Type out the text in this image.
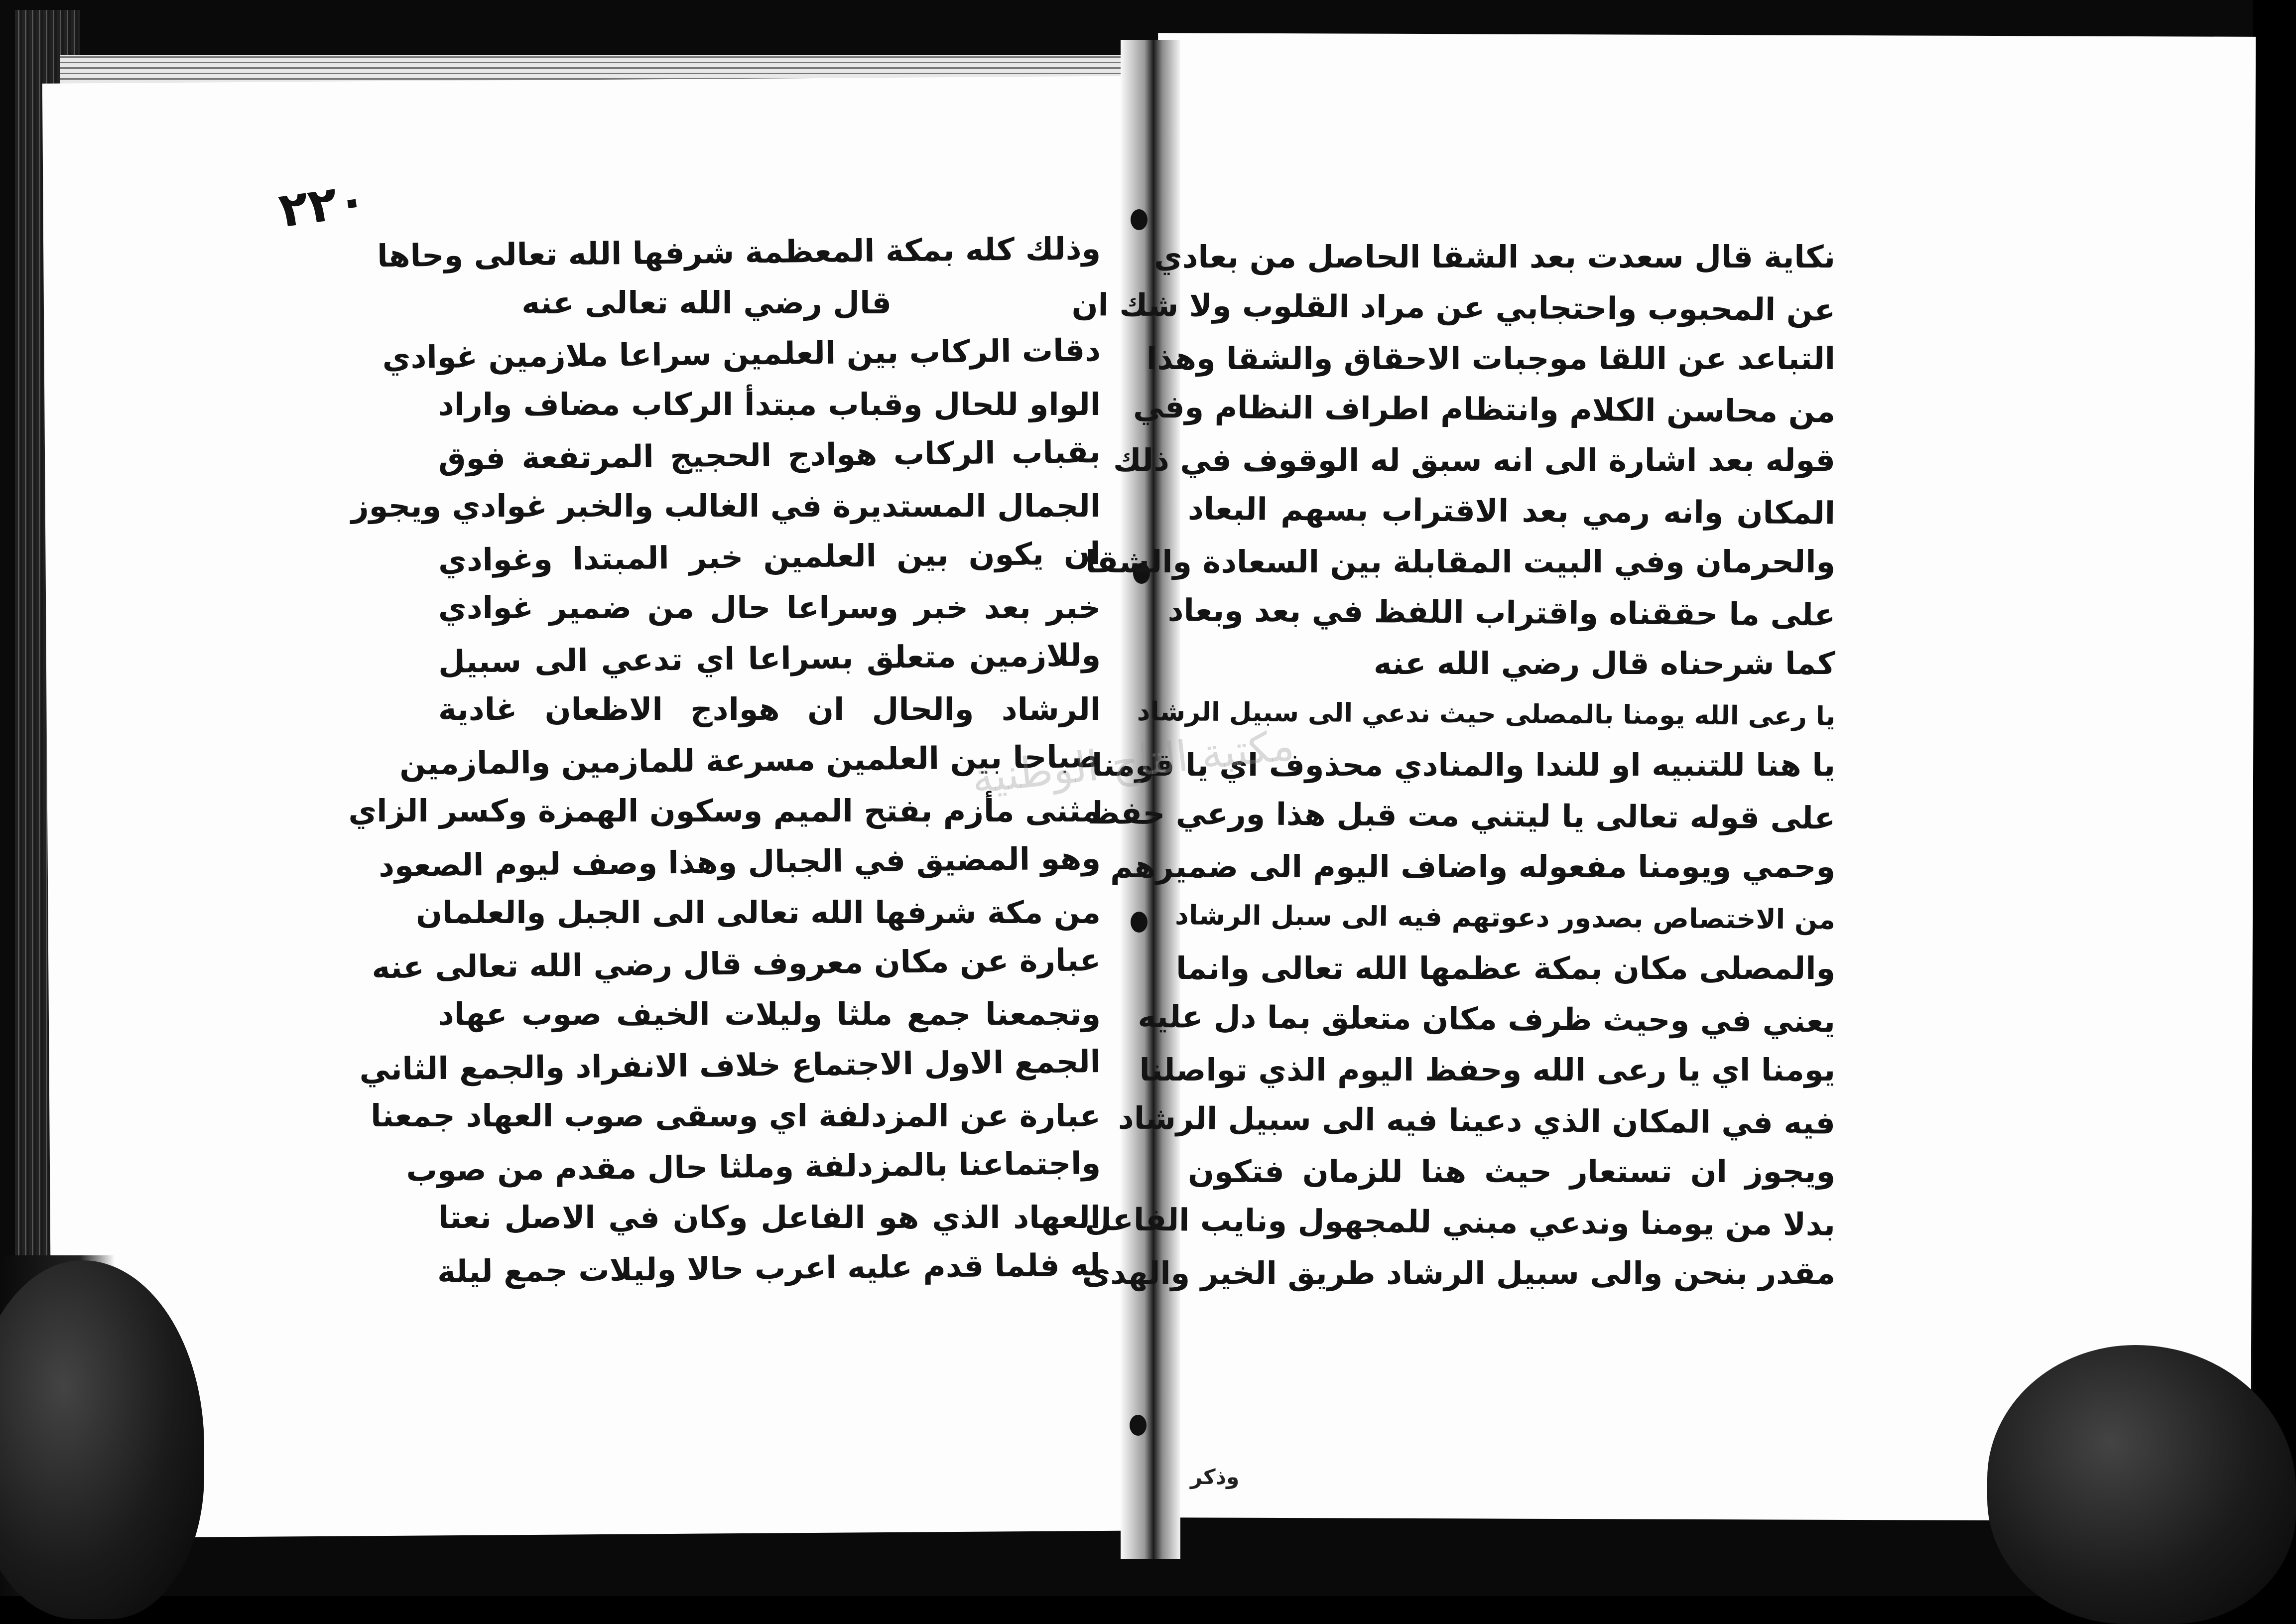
٢٢٠
وذلك كله بمكة المعظمة شرفها الله تعالى وحاها
قال رضي الله تعالى عنه
دقات الركاب بين العلمين سراعا ملازمين غوادي
الواو للحال وقباب مبتدأ الركاب مضاف واراد
بقباب الركاب هوادج الحجيج المرتفعة فوق
الجمال المستديرة في الغالب والخبر غوادي ويجوز
ان يكون بين العلمين خبر المبتدا وغوادي
خبر بعد خبر وسراعا حال من ضمير غوادي
وللازمين متعلق بسراعا اي تدعي الى سبيل
الرشاد والحال ان هوادج الاظعان غادية
صباحا بين العلمين مسرعة للمازمين والمازمين
مثنى مأزم بفتح الميم وسكون الهمزة وكسر الزاي
وهو المضيق في الجبال وهذا وصف ليوم الصعود
من مكة شرفها الله تعالى الى الجبل والعلمان
عبارة عن مكان معروف قال رضي الله تعالى عنه
وتجمعنا جمع ملثا وليلات الخيف صوب عهاد
الجمع الاول الاجتماع خلاف الانفراد والجمع الثاني
عبارة عن المزدلفة اي وسقى صوب العهاد جمعنا
واجتماعنا بالمزدلفة وملثا حال مقدم من صوب
العهاد الذي هو الفاعل وكان في الاصل نعتا
له فلما قدم عليه اعرب حالا وليلات جمع ليلة
نكاية قال سعدت بعد الشقا الحاصل من بعادي
عن المحبوب واحتجابي عن مراد القلوب ولا شك ان
التباعد عن اللقا موجبات الاحقاق والشقا وهذا
من محاسن الكلام وانتظام اطراف النظام وفي
قوله بعد اشارة الى انه سبق له الوقوف في ذلك
المكان وانه رمي بعد الاقتراب بسهم البعاد
والحرمان وفي البيت المقابلة بين السعادة والشقا
على ما حققناه واقتراب اللفظ في بعد وبعاد
كما شرحناه قال رضي الله عنه
يا رعى الله يومنا بالمصلى حيث ندعي الى سبيل الرشاد
يا هنا للتنبيه او للندا والمنادي محذوف اي يا قومنا
على قوله تعالى يا ليتني مت قبل هذا ورعي حفظ
وحمي ويومنا مفعوله واضاف اليوم الى ضميرهم
من الاختصاص بصدور دعوتهم فيه الى سبل الرشاد
والمصلى مكان بمكة عظمها الله تعالى وانما
يعني في وحيث ظرف مكان متعلق بما دل عليه
يومنا اي يا رعى الله وحفظ اليوم الذي تواصلنا
فيه في المكان الذي دعينا فيه الى سبيل الرشاد
ويجوز ان تستعار حيث هنا للزمان فتكون
بدلا من يومنا وندعي مبني للمجهول ونايب الفاعل
مقدر بنحن والى سبيل الرشاد طريق الخير والهدى
مكتبة التاج الوطنية
وذكر
